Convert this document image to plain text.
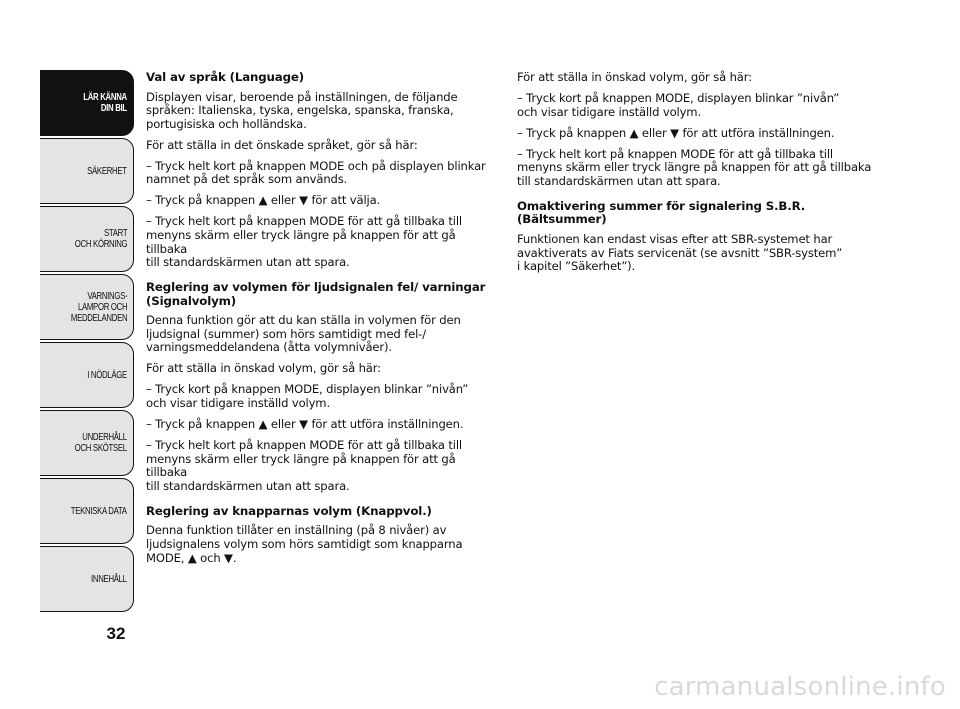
LÄR KÄNNA
DIN BIL
SÄKERHET
START
OCH KÖRNING
VARNINGS-
LAMPOR OCH
MEDDELANDEN
I NÖDLÄGE
UNDERHÅLL
OCH SKÖTSEL
TEKNISKA DATA
INNEHÅLL
32
Val av språk (Language)

Displayen visar, beroende på inställningen, de följande
språken: Italienska, tyska, engelska, spanska, franska,
portugisiska och holländska.

För att ställa in det önskade språket, gör så här:

– Tryck helt kort på knappen MODE och på displayen blinkar
namnet på det språk som används.

– Tryck på knappen ▲ eller ▼ för att välja.

– Tryck helt kort på knappen MODE för att gå tillbaka till
menyns skärm eller tryck längre på knappen för att gå tillbaka
till standardskärmen utan att spara.

Reglering av volymen för ljudsignalen fel/ varningar
(Signalvolym)

Denna funktion gör att du kan ställa in volymen för den
ljudsignal (summer) som hörs samtidigt med fel-/
varningsmeddelandena (åtta volymnivåer).

För att ställa in önskad volym, gör så här:

– Tryck kort på knappen MODE, displayen blinkar ”nivån”
och visar tidigare inställd volym.

– Tryck på knappen ▲ eller ▼ för att utföra inställningen.

– Tryck helt kort på knappen MODE för att gå tillbaka till
menyns skärm eller tryck längre på knappen för att gå tillbaka
till standardskärmen utan att spara.

Reglering av knapparnas volym (Knappvol.)

Denna funktion tillåter en inställning (på 8 nivåer) av
ljudsignalens volym som hörs samtidigt som knapparna
MODE, ▲ och ▼.

För att ställa in önskad volym, gör så här:

– Tryck kort på knappen MODE, displayen blinkar ”nivån”
och visar tidigare inställd volym.

– Tryck på knappen ▲ eller ▼ för att utföra inställningen.

– Tryck helt kort på knappen MODE för att gå tillbaka till
menyns skärm eller tryck längre på knappen för att gå tillbaka
till standardskärmen utan att spara.

Omaktivering summer för signalering S.B.R.
(Bältsummer)

Funktionen kan endast visas efter att SBR-systemet har
avaktiverats av Fiats servicenät (se avsnitt ”SBR-system”
i kapitel ”Säkerhet”).

carmanualsonline.info
